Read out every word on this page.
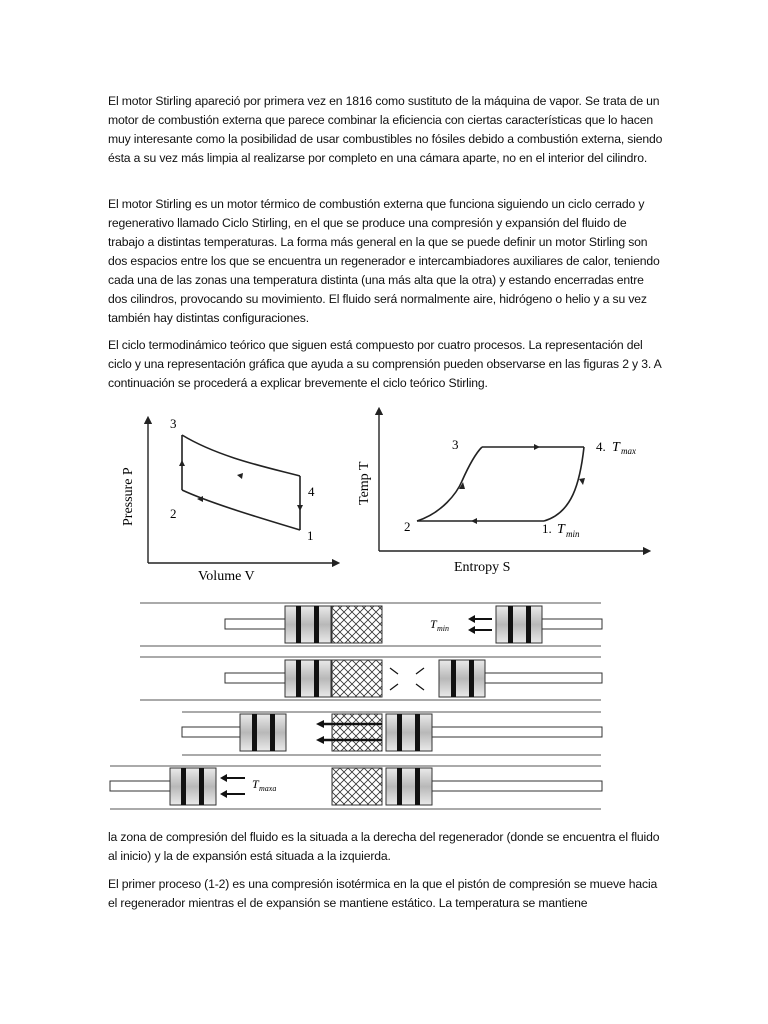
El motor Stirling apareció por primera vez en 1816 como sustituto de la máquina de vapor. Se trata de un motor de combustión externa que parece combinar la eficiencia con ciertas características que lo hacen muy interesante como la posibilidad de usar combustibles no fósiles debido a combustión externa, siendo ésta a su vez más limpia al realizarse por completo en una cámara aparte, no en el interior del cilindro.

El motor Stirling es un motor térmico de combustión externa que funciona siguiendo un ciclo cerrado y regenerativo llamado Ciclo Stirling, en el que se produce una compresión y expansión del fluido de trabajo a distintas temperaturas. La forma más general en la que se puede definir un motor Stirling son dos espacios entre los que se encuentra un regenerador e intercambiadores auxiliares de calor, teniendo cada una de las zonas una temperatura distinta (una más alta que la otra) y estando encerradas entre dos cilindros, provocando su movimiento. El fluido será normalmente aire, hidrógeno o helio y a su vez también hay distintas configuraciones.

El ciclo termodinámico teórico que siguen está compuesto por cuatro procesos. La representación del ciclo y una representación gráfica que ayuda a su comprensión pueden observarse en las figuras 2 y 3. A continuación se procederá a explicar brevemente el ciclo teórico Stirling.

3
2
4
1
Pressure P
Volume V
3	4. T max
2	1. T min
Temp T
Entropy S
T min
T maxa

la zona de compresión del fluido es la situada a la derecha del regenerador (donde se encuentra el fluido al inicio) y la de expansión está situada a la izquierda.

El primer proceso (1-2) es una compresión isotérmica en la que el pistón de compresión se mueve hacia el regenerador mientras el de expansión se mantiene estático. La temperatura se mantiene
